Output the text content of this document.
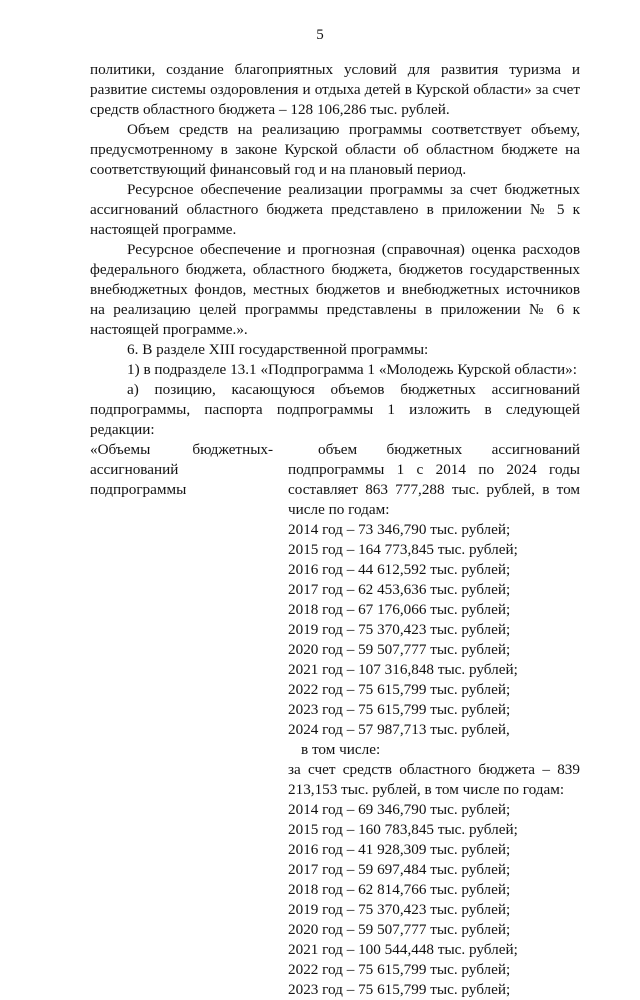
5

политики, создание благоприятных условий для развития туризма и развитие системы оздоровления и отдыха детей в Курской области» за счет средств областного бюджета – 128 106,286 тыс. рублей.

Объем средств на реализацию программы соответствует объему, предусмотренному в законе Курской области об областном бюджете на соответствующий финансовый год и на плановый период.

Ресурсное обеспечение реализации программы за счет бюджетных ассигнований областного бюджета представлено в приложении № 5 к настоящей программе.

Ресурсное обеспечение и прогнозная (справочная) оценка расходов федерального бюджета, областного бюджета, бюджетов государственных внебюджетных фондов, местных бюджетов и внебюджетных источников на реализацию целей программы представлены в приложении № 6 к настоящей программе.».

6. В разделе XIII государственной программы:

1) в подразделе 13.1 «Подпрограмма 1 «Молодежь Курской области»:

а) позицию, касающуюся объемов бюджетных ассигнований подпрограммы, паспорта подпрограммы 1 изложить в следующей редакции:

«Объемы бюджетных ассигнований подпрограммы
-	объем бюджетных ассигнований подпрограммы 1 с 2014 по 2024 годы составляет 863 777,288 тыс. рублей, в том числе по годам:

2014 год – 73 346,790 тыс. рублей;

2015 год – 164 773,845 тыс. рублей;

2016 год – 44 612,592 тыс. рублей;

2017 год – 62 453,636 тыс. рублей;

2018 год – 67 176,066 тыс. рублей;

2019 год – 75 370,423 тыс. рублей;

2020 год – 59 507,777 тыс. рублей;

2021 год – 107 316,848 тыс. рублей;

2022 год – 75 615,799 тыс. рублей;

2023 год – 75 615,799 тыс. рублей;

2024 год – 57 987,713 тыс. рублей,

в том числе:

за счет средств областного бюджета – 839 213,153 тыс. рублей, в том числе по годам:

2014 год – 69 346,790 тыс. рублей;

2015 год – 160 783,845 тыс. рублей;

2016 год – 41 928,309 тыс. рублей;

2017 год – 59 697,484 тыс. рублей;

2018 год – 62 814,766 тыс. рублей;

2019 год – 75 370,423 тыс. рублей;

2020 год – 59 507,777 тыс. рублей;

2021 год – 100 544,448 тыс. рублей;

2022 год – 75 615,799 тыс. рублей;

2023 год – 75 615,799 тыс. рублей;
